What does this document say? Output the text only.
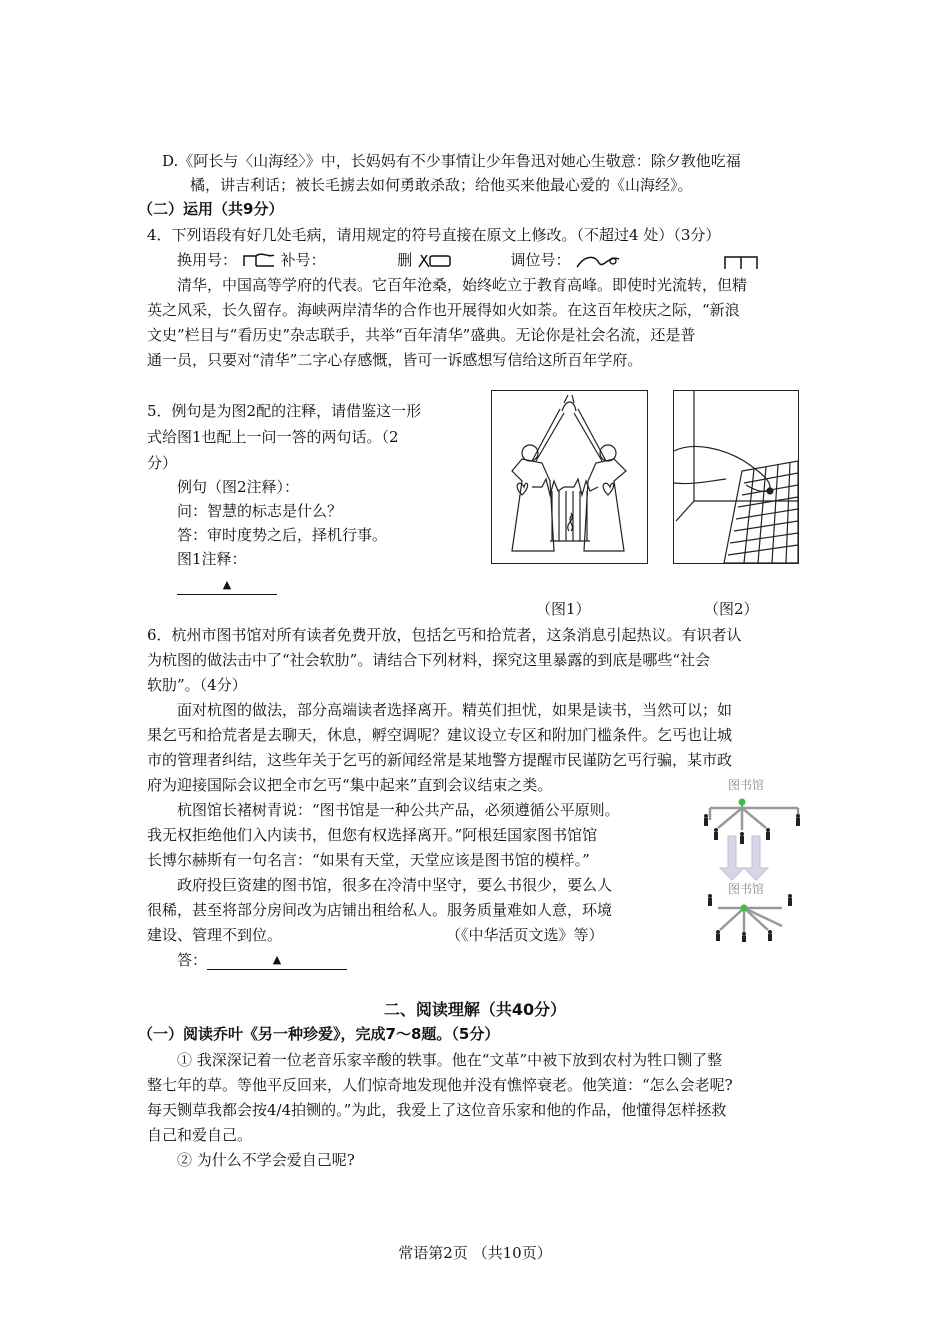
D.《阿长与〈山海经〉》中，长妈妈有不少事情让少年鲁迅对她心生敬意：除夕教他吃福
橘，讲吉利话；被长毛掳去如何勇敢杀敌；给他买来他最心爱的《山海经》。
（二）运用（共9分）
4．下列语段有好几处毛病，请用规定的符号直接在原文上修改。（不超过4 处）（3分）
换用号：	补号：	删	调位号：
清华，中国高等学府的代表。它百年沧桑，始终屹立于教育高峰。即使时光流转，但精
英之风采，长久留存。海峡两岸清华的合作也开展得如火如荼。在这百年校庆之际，“新浪
文史”栏目与“看历史”杂志联手，共举“百年清华”盛典。无论你是社会名流，还是普
通一员，只要对“清华”二字心存感慨，皆可一诉感想写信给这所百年学府。
5．例句是为图2配的注释，请借鉴这一形
式给图1也配上一问一答的两句话。（2
分）
例句（图2注释）：
问：智慧的标志是什么？
答：审时度势之后，择机行事。
图1注释：
▲
（图1）	（图2）
6．杭州市图书馆对所有读者免费开放，包括乞丐和拾荒者，这条消息引起热议。有识者认
为杭图的做法击中了“社会软肋”。请结合下列材料，探究这里暴露的到底是哪些“社会
软肋”。（4分）
面对杭图的做法，部分高端读者选择离开。精英们担忧，如果是读书，当然可以；如
果乞丐和拾荒者是去聊天，休息，孵空调呢？建议设立专区和附加门槛条件。乞丐也让城
市的管理者纠结，这些年关于乞丐的新闻经常是某地警方提醒市民谨防乞丐行骗，某市政
府为迎接国际会议把全市乞丐“集中起来”直到会议结束之类。
杭图馆长褚树青说：“图书馆是一种公共产品，必须遵循公平原则。
我无权拒绝他们入内读书，但您有权选择离开。”阿根廷国家图书馆馆
长博尔赫斯有一句名言：“如果有天堂，天堂应该是图书馆的模样。”
政府投巨资建的图书馆，很多在冷清中坚守，要么书很少，要么人
很稀，甚至将部分房间改为店铺出租给私人。服务质量难如人意，环境
建设、管理不到位。	（《中华活页文选》等）
答：	▲
图书馆
图书馆
二、阅读理解（共40分）
（一）阅读乔叶《另一种珍爱》，完成7～8题。（5分）
① 我深深记着一位老音乐家辛酸的轶事。他在“文革”中被下放到农村为牲口铡了整
整七年的草。等他平反回来，人们惊奇地发现他并没有憔悴衰老。他笑道：“怎么会老呢?
每天铡草我都会按4/4拍铡的。”为此，我爱上了这位音乐家和他的作品，他懂得怎样拯救
自己和爱自己。
② 为什么不学会爱自己呢?
常语第2页 （共10页）
